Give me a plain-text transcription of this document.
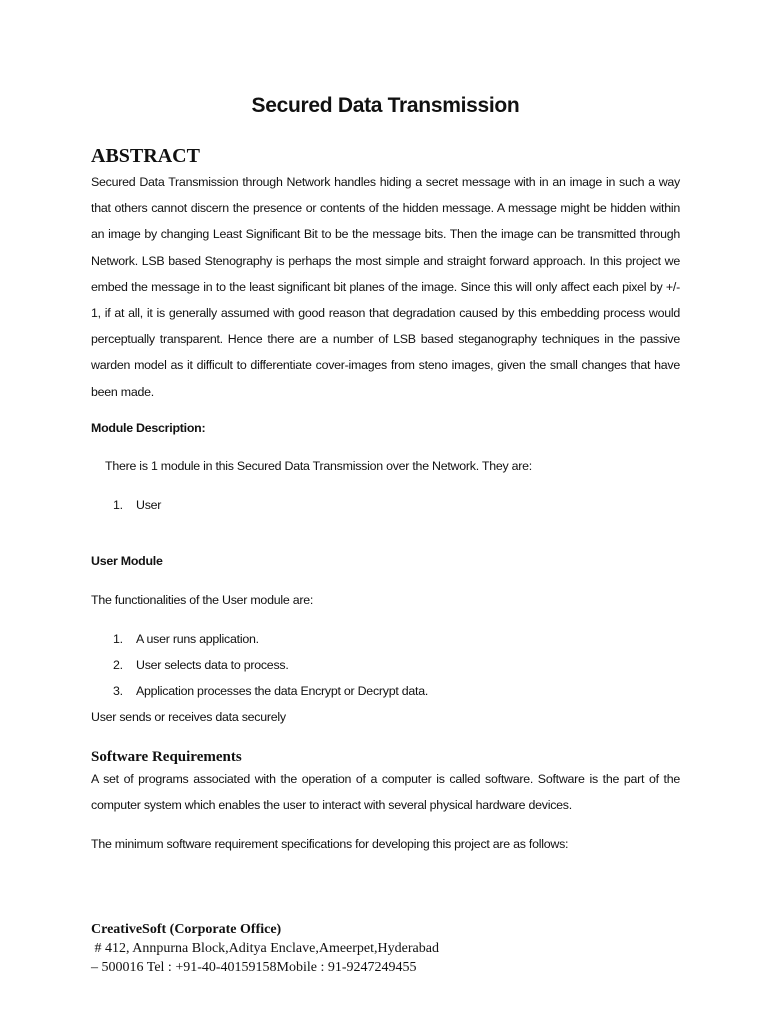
Secured Data Transmission
ABSTRACT
Secured Data Transmission through Network handles hiding a secret message with in an image in such a way that others cannot discern the presence or contents of the hidden message. A message might be hidden within an image by changing Least Significant Bit to be the message bits. Then the image can be transmitted through Network. LSB based Stenography is perhaps the most simple and straight forward approach. In this project we embed the message in to the least significant bit planes of the image. Since this will only affect each pixel by +/- 1, if at all, it is generally assumed with good reason that degradation caused by this embedding process would perceptually transparent. Hence there are a number of LSB based steganography techniques in the passive warden model as it difficult to differentiate cover-images from steno images, given the small changes that have been made.
Module Description:
There is 1 module in this Secured Data Transmission over the Network. They are:
1. User
User Module
The functionalities of the User module are:
1. A user runs application.
2. User selects data to process.
3. Application processes the data Encrypt or Decrypt data.
User sends or receives data securely
Software Requirements
A set of programs associated with the operation of a computer is called software. Software is the part of the computer system which enables the user to interact with several physical hardware devices.
The minimum software requirement specifications for developing this project are as follows:
CreativeSoft (Corporate Office)
# 412, Annpurna Block,Aditya Enclave,Ameerpet,Hyderabad
– 500016 Tel : +91-40-40159158Mobile : 91-9247249455
